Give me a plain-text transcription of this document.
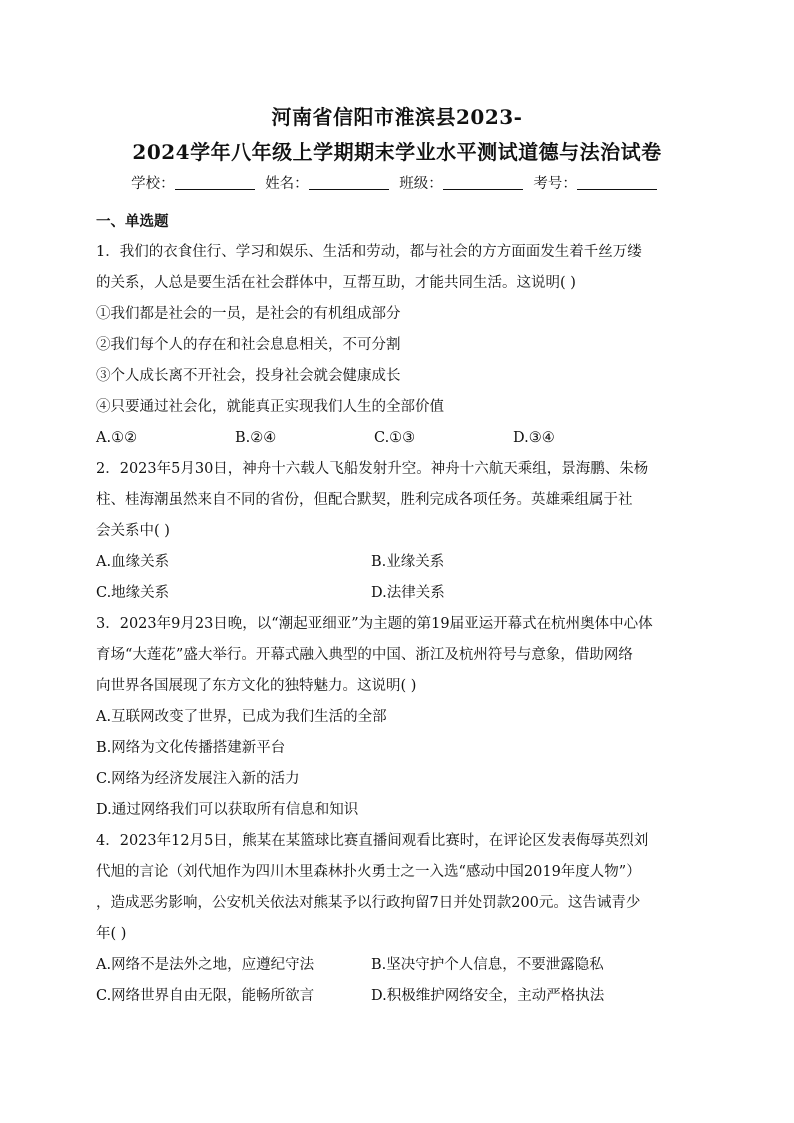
河南省信阳市淮滨县2023-
2024学年八年级上学期期末学业水平测试道德与法治试卷
学校：	姓名：	班级：	考号：
一、单选题
1．我们的衣食住行、学习和娱乐、生活和劳动，都与社会的方方面面发生着千丝万缕
的关系，人总是要生活在社会群体中，互帮互助，才能共同生活。这说明( )
①我们都是社会的一员，是社会的有机组成部分
②我们每个人的存在和社会息息相关，不可分割
③个人成长离不开社会，投身社会就会健康成长
④只要通过社会化，就能真正实现我们人生的全部价值
A.①②	B.②④	C.①③	D.③④
2．2023年5月30日，神舟十六载人飞船发射升空。神舟十六航天乘组，景海鹏、朱杨
柱、桂海潮虽然来自不同的省份，但配合默契，胜利完成各项任务。英雄乘组属于社
会关系中( )
A.血缘关系	B.业缘关系
C.地缘关系	D.法律关系
3．2023年9月23日晚，以“潮起亚细亚”为主题的第19届亚运开幕式在杭州奥体中心体
育场“大莲花”盛大举行。开幕式融入典型的中国、浙江及杭州符号与意象，借助网络
向世界各国展现了东方文化的独特魅力。这说明( )
A.互联网改变了世界，已成为我们生活的全部
B.网络为文化传播搭建新平台
C.网络为经济发展注入新的活力
D.通过网络我们可以获取所有信息和知识
4．2023年12月5日，熊某在某篮球比赛直播间观看比赛时，在评论区发表侮辱英烈刘
代旭的言论（刘代旭作为四川木里森林扑火勇士之一入选“感动中国2019年度人物”）
，造成恶劣影响，公安机关依法对熊某予以行政拘留7日并处罚款200元。这告诫青少
年( )
A.网络不是法外之地，应遵纪守法	B.坚决守护个人信息，不要泄露隐私
C.网络世界自由无限，能畅所欲言	D.积极维护网络安全，主动严格执法
